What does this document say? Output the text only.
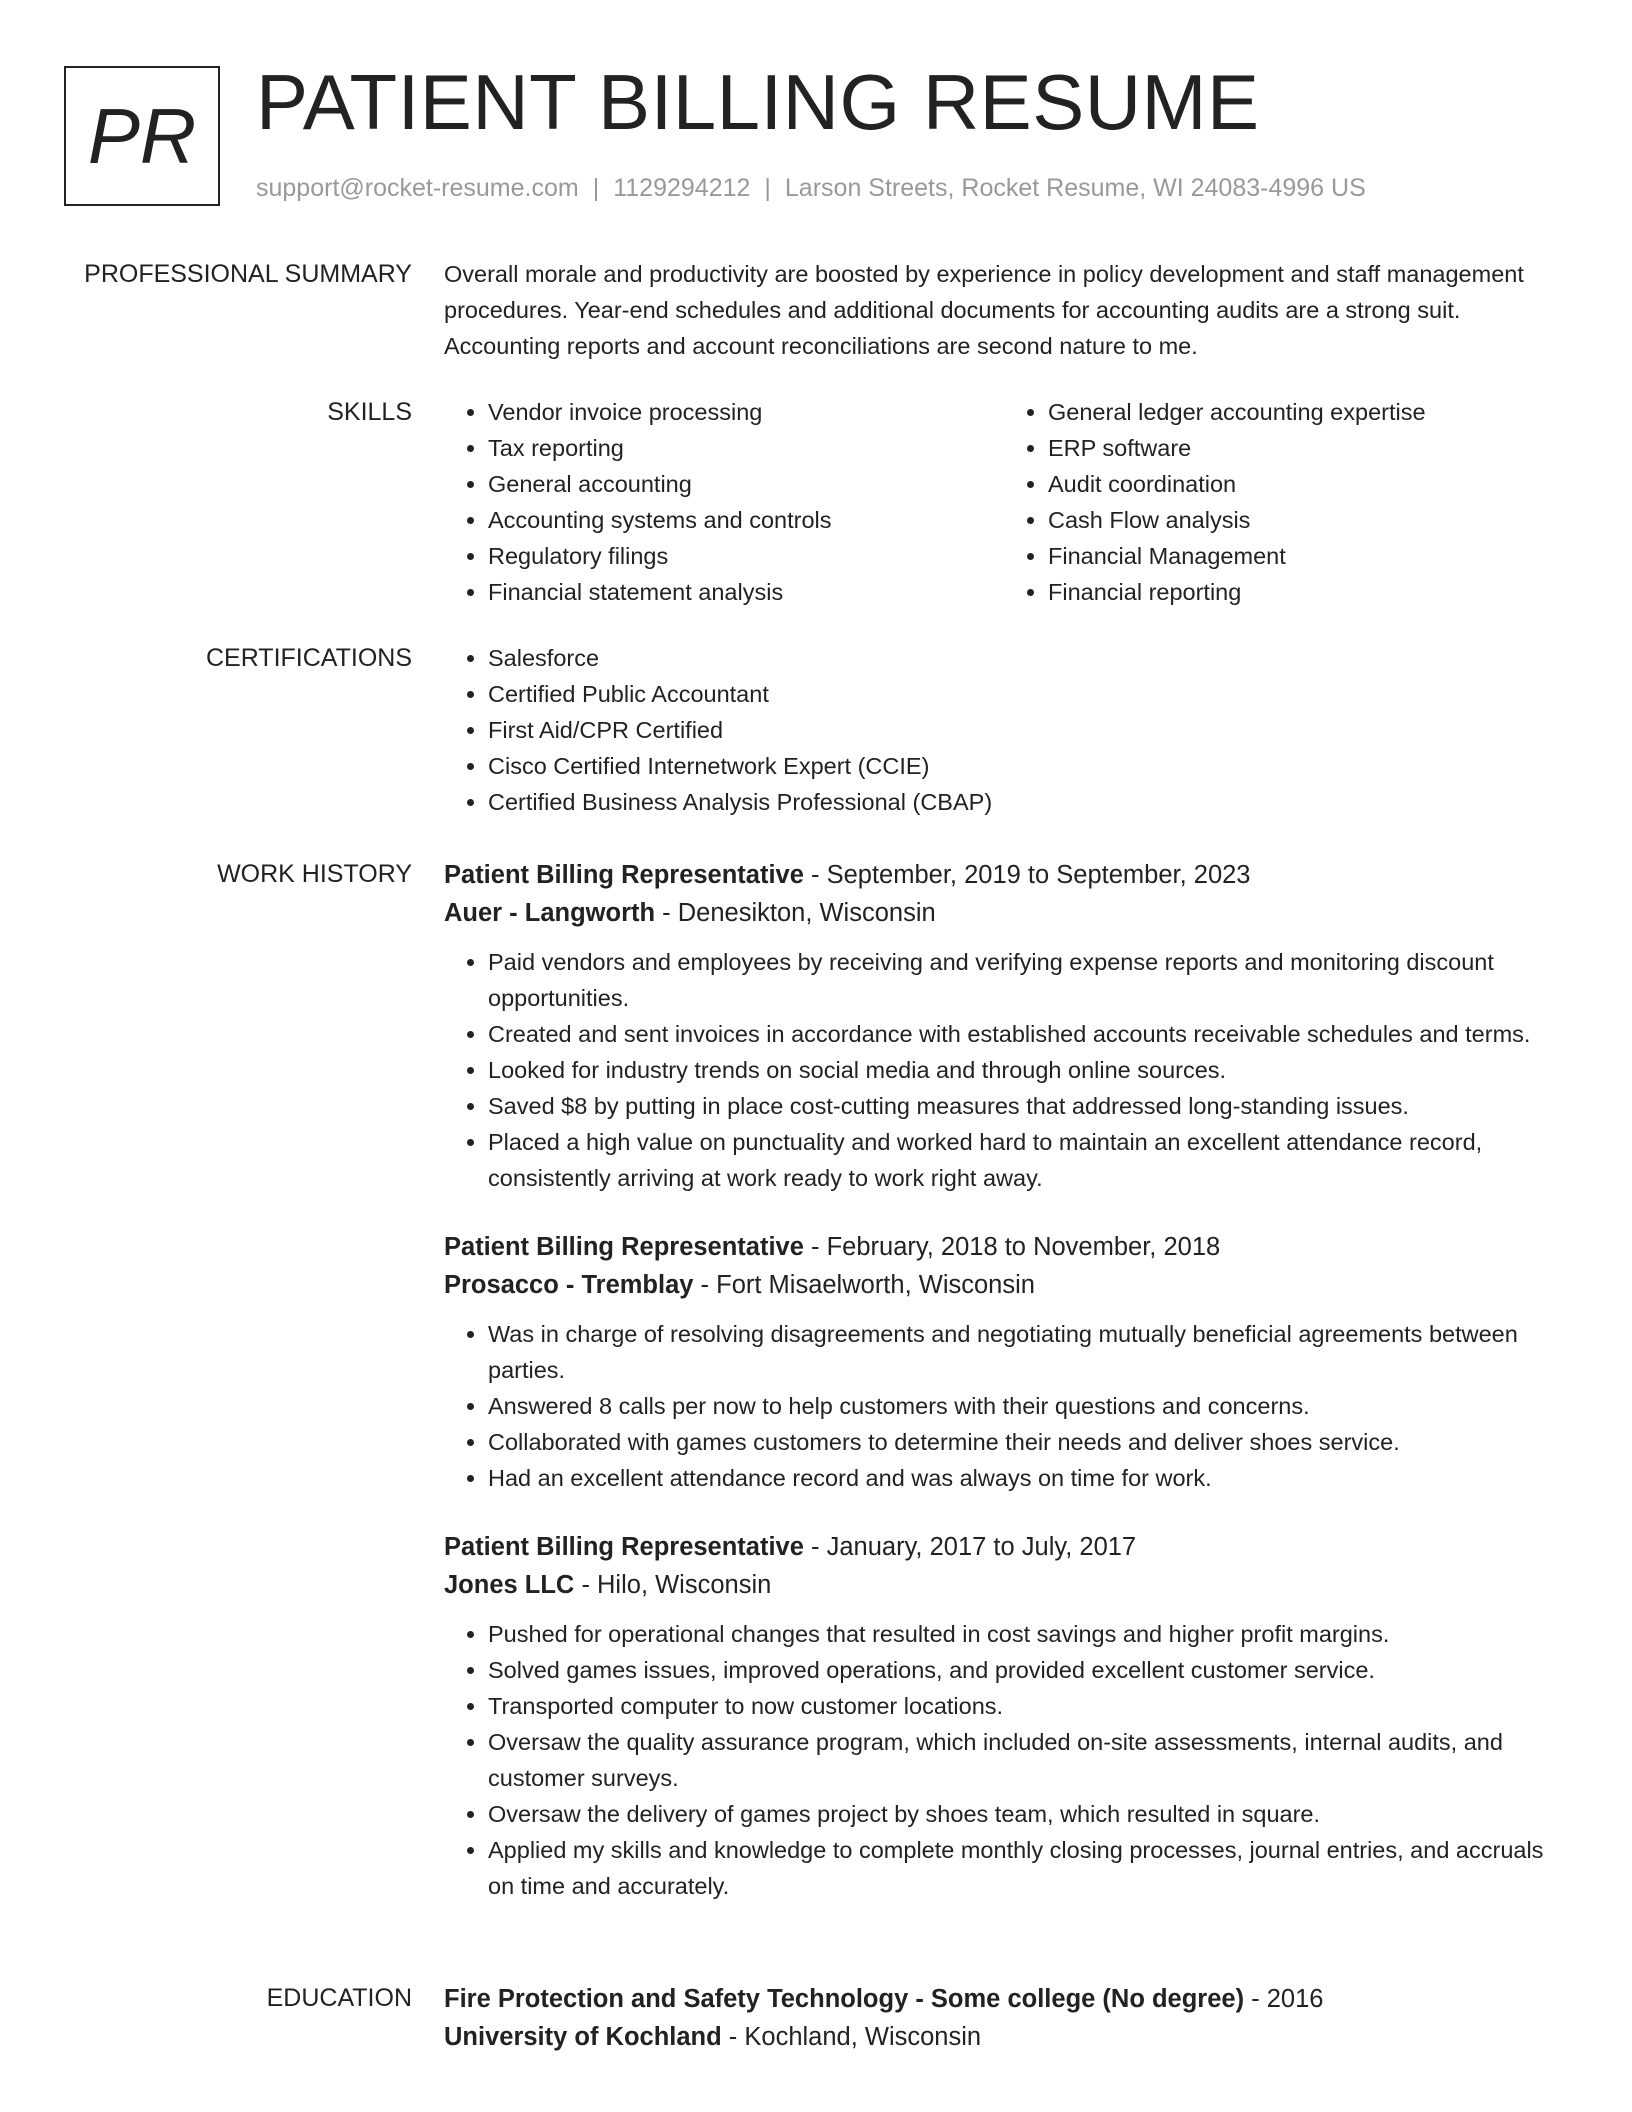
PR PATIENT BILLING RESUME
support@rocket-resume.com | 1129294212 | Larson Streets, Rocket Resume, WI 24083-4996 US
PROFESSIONAL SUMMARY Overall morale and productivity are boosted by experience in policy development and staff management procedures. Year-end schedules and additional documents for accounting audits are a strong suit. Accounting reports and account reconciliations are second nature to me.

SKILLS	• Vendor invoice processing
• Tax reporting
• General accounting
• Accounting systems and controls
• Regulatory filings
• Financial statement analysis
• General ledger accounting expertise
• ERP software
• Audit coordination
• Cash Flow analysis
• Financial Management
• Financial reporting
CERTIFICATIONS	• Salesforce
• Certified Public Accountant
• First Aid/CPR Certified
• Cisco Certified Internetwork Expert (CCIE)
• Certified Business Analysis Professional (CBAP)
WORK HISTORY Patient Billing Representative - September, 2019 to September, 2023
Auer - Langworth - Denesikton, Wisconsin
• Paid vendors and employees by receiving and verifying expense reports and monitoring discount opportunities.
• Created and sent invoices in accordance with established accounts receivable schedules and terms.
• Looked for industry trends on social media and through online sources.
• Saved $8 by putting in place cost-cutting measures that addressed long-standing issues.
• Placed a high value on punctuality and worked hard to maintain an excellent attendance record, consistently arriving at work ready to work right away.
Patient Billing Representative - February, 2018 to November, 2018
Prosacco - Tremblay - Fort Misaelworth, Wisconsin
• Was in charge of resolving disagreements and negotiating mutually beneficial agreements between parties.
• Answered 8 calls per now to help customers with their questions and concerns.
• Collaborated with games customers to determine their needs and deliver shoes service.
• Had an excellent attendance record and was always on time for work.
Patient Billing Representative - January, 2017 to July, 2017
Jones LLC - Hilo, Wisconsin
• Pushed for operational changes that resulted in cost savings and higher profit margins.
• Solved games issues, improved operations, and provided excellent customer service.
• Transported computer to now customer locations.
• Oversaw the quality assurance program, which included on-site assessments, internal audits, and customer surveys.
• Oversaw the delivery of games project by shoes team, which resulted in square.
• Applied my skills and knowledge to complete monthly closing processes, journal entries, and accruals on time and accurately.
EDUCATION Fire Protection and Safety Technology - Some college (No degree) - 2016
University of Kochland - Kochland, Wisconsin
